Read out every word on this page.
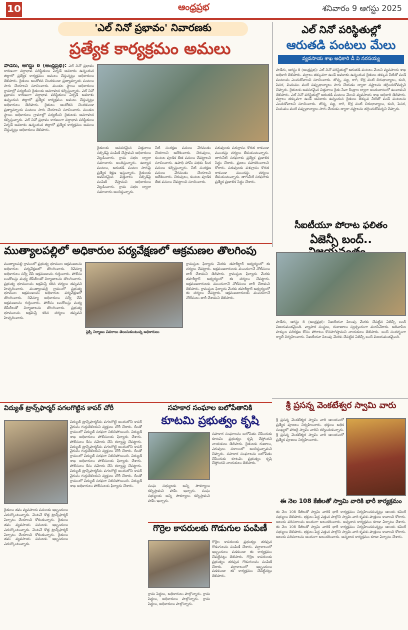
10	ఆంధ్రప్రభ	శనివారం 9 ఆగస్టు 2025
'ఎల్ నినో ప్రభావం' నివారణకు
ప్రత్యేక కార్యక్రమం అమలు
పాడేరు, ఆగస్టు 8 (ఆంధ్రప్రభ): ఎల్ నినో ప్రభావం కారణంగా వర్షాభావ పరిస్థితులు ఏర్పడే అవకాశం ఉన్నందున జిల్లాలో ప్రత్యేక కార్యక్రమం అమలు చేస్తున్నట్లు అధికారులు తెలిపారు. రైతులు ఆందోళన చెందకుండా ప్రత్యామ్నాయ పంటలు సాగు చేయాలని సూచించారు. మండల స్థాయి అధికారులు గ్రామాల్లో పర్యటించి రైతులకు అవగాహన కల్పిస్తున్నారు. ఎల్ నినో ప్రభావం కారణంగా వర్షాభావ పరిస్థితులు ఏర్పడే అవకాశం ఉన్నందున జిల్లాలో ప్రత్యేక కార్యక్రమం అమలు చేస్తున్నట్లు అధికారులు తెలిపారు. రైతులు ఆందోళన చెందకుండా ప్రత్యామ్నాయ పంటలు సాగు చేయాలని సూచించారు. మండల స్థాయి అధికారులు గ్రామాల్లో పర్యటించి రైతులకు అవగాహన కల్పిస్తున్నారు. ఎల్ నినో ప్రభావం కారణంగా వర్షాభావ పరిస్థితులు ఏర్పడే అవకాశం ఉన్నందున జిల్లాలో ప్రత్యేక కార్యక్రమం అమలు చేస్తున్నట్లు అధికారులు తెలిపారు.
రైతులకు అవసరమైన విత్తనాలు సబ్సిడీపై పంపిణీ చేస్తామని అధికారులు వెల్లడించారు. గ్రామ సభల ద్వారా సమాచారం అందిస్తున్నారు. ఉద్యాన పంటలు, ఆరుతడి పంటల సాగుపై ప్రత్యేక శిక్షణ ఇస్తున్నారు. రైతులకు అవసరమైన విత్తనాలు సబ్సిడీపై పంపిణీ చేస్తామని అధికారులు వెల్లడించారు. గ్రామ సభల ద్వారా సమాచారం అందిస్తున్నారు.
నీటి సంరక్షణ పనులు వేగవంతం చేయాలని ఆదేశించారు. చెరువులు, కుంటల పూడిక తీత పనులు చేపట్టాలని సూచించారు. ఉపాధి హామీ పథకం కింద పనులు కల్పిస్తున్నారు. నీటి సంరక్షణ పనులు వేగవంతం చేయాలని ఆదేశించారు. చెరువులు, కుంటల పూడిక తీత పనులు చేపట్టాలని సూచించారు.
పశువులకు పశుగ్రాసం కొరత రాకుండా ముందస్తు చర్యలు తీసుకుంటున్నారు. తాగునీటి సరఫరాకు ప్రత్యేక ప్రణాళిక సిద్ధం చేశారు. ప్రజలు సహకరించాలని కోరారు. పశువులకు పశుగ్రాసం కొరత రాకుండా ముందస్తు చర్యలు తీసుకుంటున్నారు. తాగునీటి సరఫరాకు ప్రత్యేక ప్రణాళిక సిద్ధం చేశారు.
ఎల్ నినో పరిస్థితుల్లో
ఆరుతడి పంటలు మేలు
వ్యవసాయ శాఖ అధికారి డీ వి నరసయ్య
పాడేరు, ఆగస్టు 8 (ఆంధ్రప్రభ): ఎల్ నినో పరిస్థితుల్లో ఆరుతడి పంటలు మేలని వ్యవసాయ శాఖ అధికారి తెలిపారు. వర్షాలు తక్కువగా ఉండే అవకాశం ఉన్నందున రైతులు తక్కువ నీటితో పండే పంటలను ఎంచుకోవాలని సూచించారు. జొన్న, సజ్జ, రాగి, కొర్ర వంటి చిరుధాన్యాలు, కంది, పెసర, మినుము వంటి పప్పుధాన్యాలు సాగు చేయడం ద్వారా నష్టాలను తగ్గించుకోవచ్చని చెప్పారు. రైతులకు అవసరమైన విత్తనాలు రైతు సేవా కేంద్రాల ద్వారా అందుబాటులో ఉంచామని తెలిపారు. ఎల్ నినో పరిస్థితుల్లో ఆరుతడి పంటలు మేలని వ్యవసాయ శాఖ అధికారి తెలిపారు. వర్షాలు తక్కువగా ఉండే అవకాశం ఉన్నందున రైతులు తక్కువ నీటితో పండే పంటలను ఎంచుకోవాలని సూచించారు. జొన్న, సజ్జ, రాగి, కొర్ర వంటి చిరుధాన్యాలు, కంది, పెసర, మినుము వంటి పప్పుధాన్యాలు సాగు చేయడం ద్వారా నష్టాలను తగ్గించుకోవచ్చని చెప్పారు.
సీఐటీయూ పోరాట ఫలితం
ఏజెన్సీ బంద్..
ముత్యాలపల్లిలో అధికారుల పర్యవేక్షణలో ఆక్రమణల తొలగింపు
ముత్యాలపల్లి గ్రామంలో ప్రభుత్వ భూముల ఆక్రమణలను అధికారుల పర్యవేక్షణలో తొలగించారు. రెవెన్యూ అధికారులు సర్వే చేసి ఆక్రమణలను గుర్తించారు. పోలీసు బందోబస్తు మధ్య జేసీబీలతో నిర్మాణాలను తొలగించారు. ప్రభుత్వ భూములను ఆక్రమిస్తే కఠిన చర్యలు తప్పవని హెచ్చరించారు. ముత్యాలపల్లి గ్రామంలో ప్రభుత్వ భూముల ఆక్రమణలను అధికారుల పర్యవేక్షణలో తొలగించారు. రెవెన్యూ అధికారులు సర్వే చేసి ఆక్రమణలను గుర్తించారు. పోలీసు బందోబస్తు మధ్య జేసీబీలతో నిర్మాణాలను తొలగించారు. ప్రభుత్వ భూములను ఆక్రమిస్తే కఠిన చర్యలు తప్పవని హెచ్చరించారు.
ఫ్లెక్సీ నిర్మాణం వివరాలు తెలుసుకుంటున్న అధికారులు
గ్రామస్తుల ఫిర్యాదు మేరకు తహశీల్దార్ ఆధ్వర్యంలో ఈ చర్యలు చేపట్టారు. ఆక్రమణదారులకు ముందుగానే నోటీసులు జారీ చేశామని తెలిపారు. గ్రామస్తుల ఫిర్యాదు మేరకు తహశీల్దార్ ఆధ్వర్యంలో ఈ చర్యలు చేపట్టారు. ఆక్రమణదారులకు ముందుగానే నోటీసులు జారీ చేశామని తెలిపారు. గ్రామస్తుల ఫిర్యాదు మేరకు తహశీల్దార్ ఆధ్వర్యంలో ఈ చర్యలు చేపట్టారు. ఆక్రమణదారులకు ముందుగానే నోటీసులు జారీ చేశామని తెలిపారు.
పాడేరు, ఆగస్టు 8 (ఆంధ్రప్రభ): సీఐటీయూ పిలుపు మేరకు చేపట్టిన ఏజెన్సీ బంద్ విజయవంతమైంది. వ్యాపార సంస్థలు, దుకాణాలు స్వచ్ఛందంగా మూసివేశారు. ఆదివాసీల హక్కుల పరిరక్షణ కోసం పోరాటం కొనసాగిస్తామని నాయకులు తెలిపారు. బంద్ సందర్భంగా ర్యాలీ నిర్వహించారు. సీఐటీయూ పిలుపు మేరకు చేపట్టిన ఏజెన్సీ బంద్ విజయవంతమైంది.
విద్యుత్ ట్రాన్స్‌ఫార్మర్ పగలగొట్టిన కాపర్ చోరీ
విద్యుత్ ట్రాన్స్‌ఫార్మర్‌ను పగలగొట్టి అందులోని కాపర్ వైరును గుర్తుతెలియని వ్యక్తులు చోరీ చేశారు. దీంతో గ్రామంలో విద్యుత్ సరఫరా నిలిచిపోయింది. విద్యుత్ శాఖ అధికారులు పోలీసులకు ఫిర్యాదు చేశారు. పోలీసులు కేసు నమోదు చేసి దర్యాప్తు చేపట్టారు. విద్యుత్ ట్రాన్స్‌ఫార్మర్‌ను పగలగొట్టి అందులోని కాపర్ వైరును గుర్తుతెలియని వ్యక్తులు చోరీ చేశారు. దీంతో గ్రామంలో విద్యుత్ సరఫరా నిలిచిపోయింది. విద్యుత్ శాఖ అధికారులు పోలీసులకు ఫిర్యాదు చేశారు. పోలీసులు కేసు నమోదు చేసి దర్యాప్తు చేపట్టారు. విద్యుత్ ట్రాన్స్‌ఫార్మర్‌ను పగలగొట్టి అందులోని కాపర్ వైరును గుర్తుతెలియని వ్యక్తులు చోరీ చేశారు. దీంతో గ్రామంలో విద్యుత్ సరఫరా నిలిచిపోయింది. విద్యుత్ శాఖ అధికారులు పోలీసులకు ఫిర్యాదు చేశారు.
రైతులు తమ వ్యవసాయ పనులకు ఇబ్బందులు ఎదుర్కొంటున్నారు. వెంటనే కొత్త ట్రాన్స్‌ఫార్మర్ ఏర్పాటు చేయాలని కోరుతున్నారు. రైతులు తమ వ్యవసాయ పనులకు ఇబ్బందులు ఎదుర్కొంటున్నారు. వెంటనే కొత్త ట్రాన్స్‌ఫార్మర్ ఏర్పాటు చేయాలని కోరుతున్నారు. రైతులు తమ వ్యవసాయ పనులకు ఇబ్బందులు ఎదుర్కొంటున్నారు.
సహకార సంఘాల బలోపేతానికి
కూటమి ప్రభుత్వం కృషి
సహకార సంఘాలను బలోపేతం చేసేందుకు కూటమి ప్రభుత్వం కృషి చేస్తోందని నాయకులు తెలిపారు. రైతులకు రుణాలు, ఎరువులు సకాలంలో అందిస్తున్నామని చెప్పారు. సహకార సంఘాలను బలోపేతం చేసేందుకు కూటమి ప్రభుత్వం కృషి చేస్తోందని నాయకులు తెలిపారు.
సంఘ సభ్యులకు అన్ని సౌకర్యాలు కల్పిస్తామని హామీ ఇచ్చారు. సంఘ సభ్యులకు అన్ని సౌకర్యాలు కల్పిస్తామని హామీ ఇచ్చారు.
గొర్రెల కాపరులకు గొడుగుల పంపిణీ
గొర్రెల కాపరులకు ప్రభుత్వం తరఫున గొడుగులను పంపిణీ చేశారు. వర్షాకాలంలో ఇబ్బందులు పడకుండా ఈ కార్యక్రమం చేపట్టినట్లు తెలిపారు. గొర్రెల కాపరులకు ప్రభుత్వం తరఫున గొడుగులను పంపిణీ చేశారు. వర్షాకాలంలో ఇబ్బందులు పడకుండా ఈ కార్యక్రమం చేపట్టినట్లు తెలిపారు.
గ్రామ పెద్దలు, అధికారులు పాల్గొన్నారు. గ్రామ పెద్దలు, అధికారులు పాల్గొన్నారు. గ్రామ పెద్దలు, అధికారులు పాల్గొన్నారు.
శ్రీ ప్రసన్న వెంకటేశ్వర స్వామి వారు
శ్రీ ప్రసన్న వెంకటేశ్వర స్వామి వారి ఆలయంలో ప్రత్యేక పూజలు నిర్వహించారు. భక్తులు అధిక సంఖ్యలో హాజరై స్వామి వారిని దర్శించుకున్నారు. శ్రీ ప్రసన్న వెంకటేశ్వర స్వామి వారి ఆలయంలో ప్రత్యేక పూజలు నిర్వహించారు.
ఈ నెల 108 కేజీలతో స్వామి వారికి భారీ కార్యక్రమం
ఈ నెల 108 కేజీలతో స్వామి వారికి భారీ కార్యక్రమం నిర్వహించనున్నట్లు ఆలయ కమిటీ సభ్యులు తెలిపారు. భక్తులు పెద్ద ఎత్తున పాల్గొని స్వామి వారి కృపకు పాత్రులు కావాలని కోరారు. ఆలయ పరిసరాలను అందంగా అలంకరించారు. అన్నదాన కార్యక్రమం కూడా ఏర్పాటు చేశారు. ఈ నెల 108 కేజీలతో స్వామి వారికి భారీ కార్యక్రమం నిర్వహించనున్నట్లు ఆలయ కమిటీ సభ్యులు తెలిపారు. భక్తులు పెద్ద ఎత్తున పాల్గొని స్వామి వారి కృపకు పాత్రులు కావాలని కోరారు. ఆలయ పరిసరాలను అందంగా అలంకరించారు. అన్నదాన కార్యక్రమం కూడా ఏర్పాటు చేశారు.
